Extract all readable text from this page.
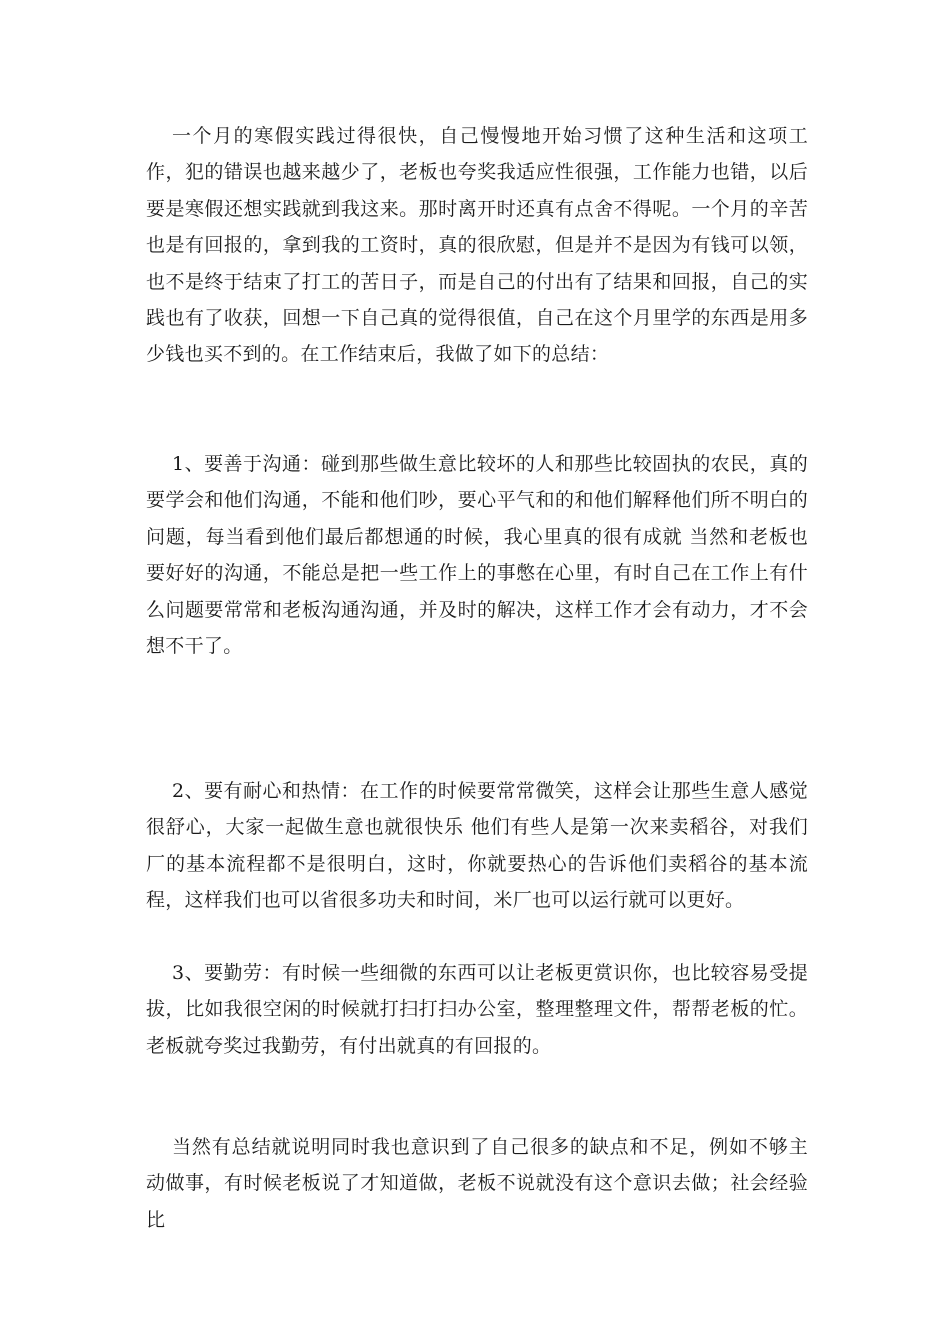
一个月的寒假实践过得很快，自己慢慢地开始习惯了这种生活和这项工作，犯的错误也越来越少了，老板也夸奖我适应性很强，工作能力也错，以后要是寒假还想实践就到我这来。那时离开时还真有点舍不得呢。一个月的辛苦也是有回报的，拿到我的工资时，真的很欣慰，但是并不是因为有钱可以领，也不是终于结束了打工的苦日子，而是自己的付出有了结果和回报，自己的实践也有了收获，回想一下自己真的觉得很值，自己在这个月里学的东西是用多少钱也买不到的。在工作结束后，我做了如下的总结：

1、要善于沟通：碰到那些做生意比较坏的人和那些比较固执的农民，真的要学会和他们沟通，不能和他们吵，要心平气和的和他们解释他们所不明白的问题，每当看到他们最后都想通的时候，我心里真的很有成就 当然和老板也要好好的沟通，不能总是把一些工作上的事憋在心里，有时自己在工作上有什么问题要常常和老板沟通沟通，并及时的解决，这样工作才会有动力，才不会想不干了。

2、要有耐心和热情：在工作的时候要常常微笑，这样会让那些生意人感觉很舒心，大家一起做生意也就很快乐 他们有些人是第一次来卖稻谷，对我们厂的基本流程都不是很明白，这时，你就要热心的告诉他们卖稻谷的基本流程，这样我们也可以省很多功夫和时间，米厂也可以运行就可以更好。

3、要勤劳：有时候一些细微的东西可以让老板更赏识你，也比较容易受提拔，比如我很空闲的时候就打扫打扫办公室，整理整理文件，帮帮老板的忙。老板就夸奖过我勤劳，有付出就真的有回报的。

当然有总结就说明同时我也意识到了自己很多的缺点和不足，例如不够主动做事，有时候老板说了才知道做，老板不说就没有这个意识去做；社会经验比
